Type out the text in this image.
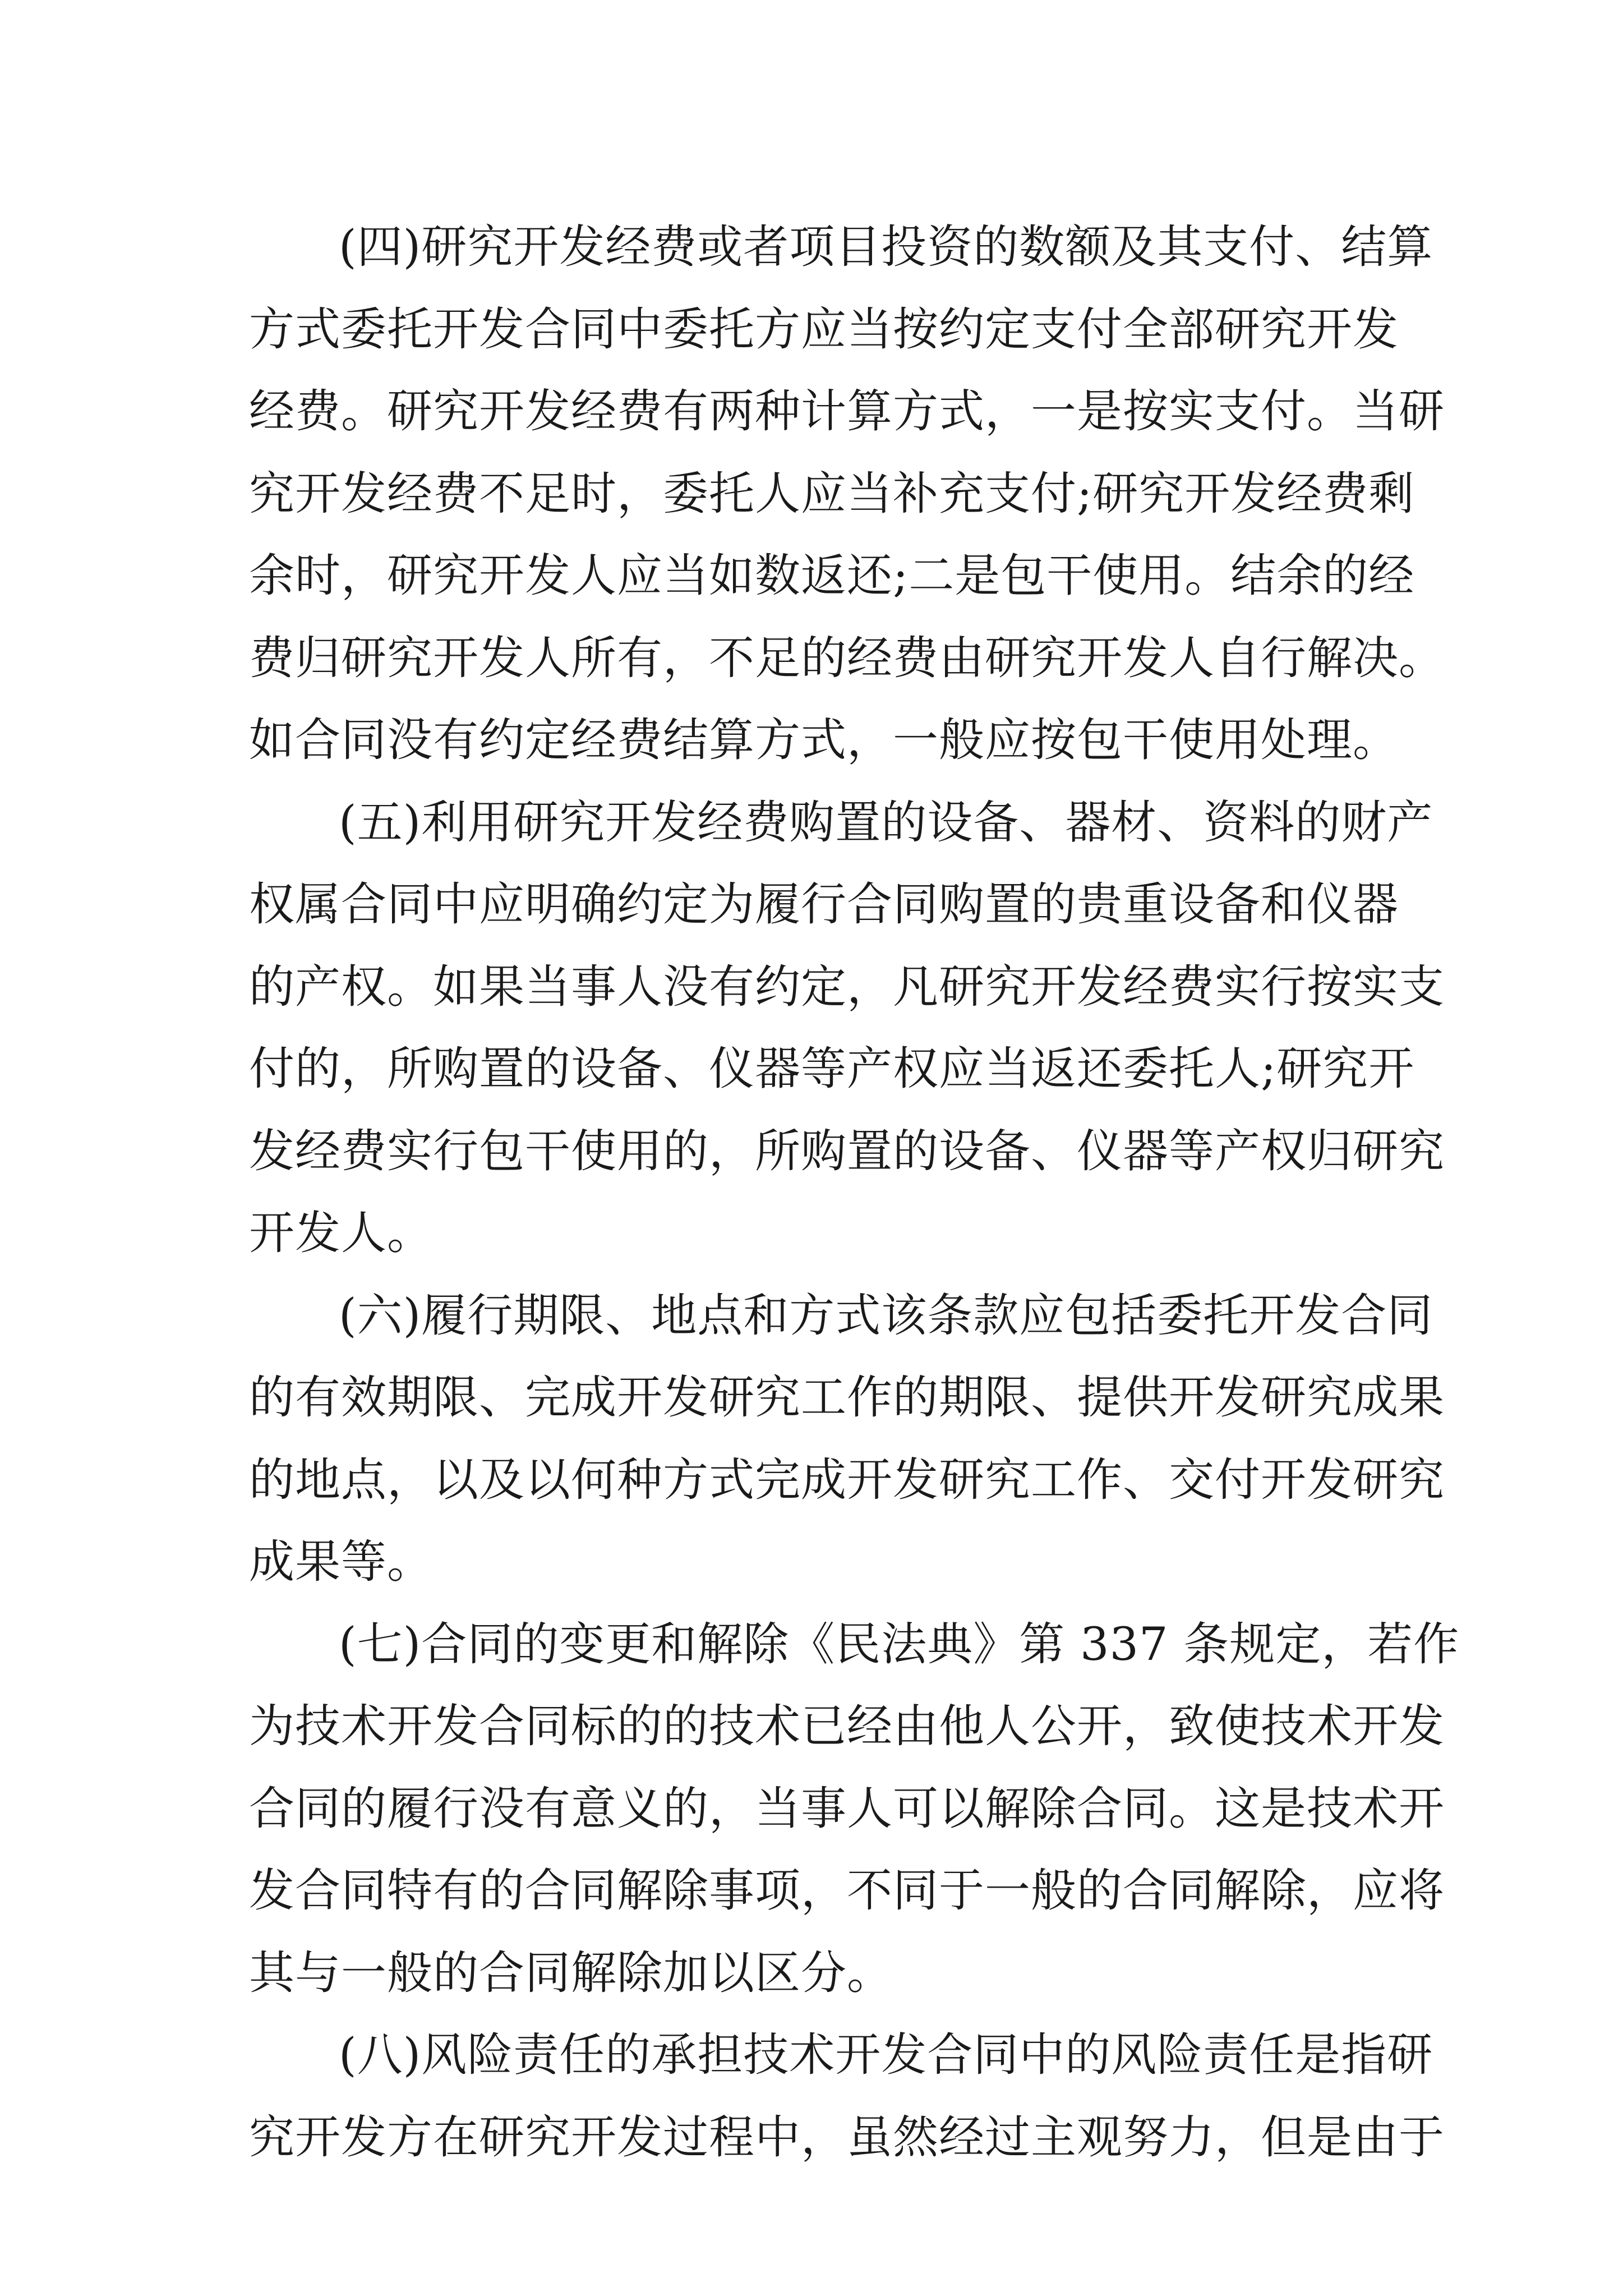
(四)研究开发经费或者项目投资的数额及其支付、结算
方式委托开发合同中委托方应当按约定支付全部研究开发
经费。研究开发经费有两种计算方式，一是按实支付。当研
究开发经费不足时，委托人应当补充支付;研究开发经费剩
余时，研究开发人应当如数返还;二是包干使用。结余的经
费归研究开发人所有，不足的经费由研究开发人自行解决。
如合同没有约定经费结算方式，一般应按包干使用处理。
(五)利用研究开发经费购置的设备、器材、资料的财产
权属合同中应明确约定为履行合同购置的贵重设备和仪器
的产权。如果当事人没有约定，凡研究开发经费实行按实支
付的，所购置的设备、仪器等产权应当返还委托人;研究开
发经费实行包干使用的，所购置的设备、仪器等产权归研究
开发人。
(六)履行期限、地点和方式该条款应包括委托开发合同
的有效期限、完成开发研究工作的期限、提供开发研究成果
的地点，以及以何种方式完成开发研究工作、交付开发研究
成果等。
(七)合同的变更和解除《民法典》第 337 条规定，若作
为技术开发合同标的的技术已经由他人公开，致使技术开发
合同的履行没有意义的，当事人可以解除合同。这是技术开
发合同特有的合同解除事项，不同于一般的合同解除，应将
其与一般的合同解除加以区分。
(八)风险责任的承担技术开发合同中的风险责任是指研
究开发方在研究开发过程中，虽然经过主观努力，但是由于
